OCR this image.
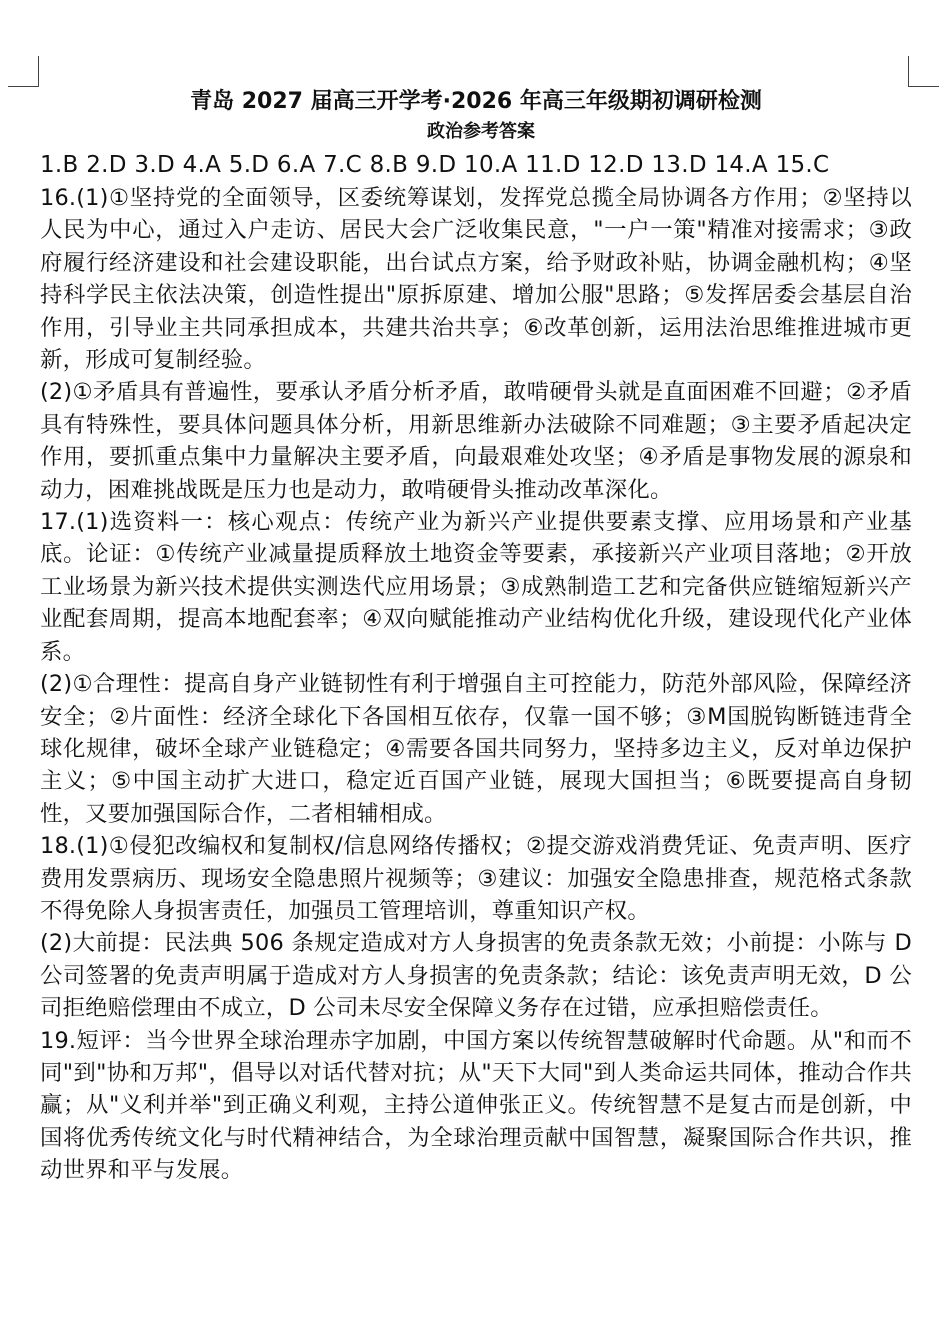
青岛 2027 届高三开学考·2026 年高三年级期初调研检测
政治参考答案
1.B 2.D 3.D 4.A 5.D 6.A 7.C 8.B 9.D 10.A 11.D 12.D 13.D 14.A 15.C

16.(1)①坚持党的全面领导，区委统筹谋划，发挥党总揽全局协调各方作用；②坚持以人民为中心，通过入户走访、居民大会广泛收集民意，"一户一策"精准对接需求；③政府履行经济建设和社会建设职能，出台试点方案，给予财政补贴，协调金融机构；④坚持科学民主依法决策，创造性提出"原拆原建、增加公服"思路；⑤发挥居委会基层自治作用，引导业主共同承担成本，共建共治共享；⑥改革创新，运用法治思维推进城市更新，形成可复制经验。

(2)①矛盾具有普遍性，要承认矛盾分析矛盾，敢啃硬骨头就是直面困难不回避；②矛盾具有特殊性，要具体问题具体分析，用新思维新办法破除不同难题；③主要矛盾起决定作用，要抓重点集中力量解决主要矛盾，向最艰难处攻坚；④矛盾是事物发展的源泉和动力，困难挑战既是压力也是动力，敢啃硬骨头推动改革深化。

17.(1)选资料一：核心观点：传统产业为新兴产业提供要素支撑、应用场景和产业基底。论证：①传统产业减量提质释放土地资金等要素，承接新兴产业项目落地；②开放工业场景为新兴技术提供实测迭代应用场景；③成熟制造工艺和完备供应链缩短新兴产业配套周期，提高本地配套率；④双向赋能推动产业结构优化升级，建设现代化产业体系。

(2)①合理性：提高自身产业链韧性有利于增强自主可控能力，防范外部风险，保障经济安全；②片面性：经济全球化下各国相互依存，仅靠一国不够；③M国脱钩断链违背全球化规律，破坏全球产业链稳定；④需要各国共同努力，坚持多边主义，反对单边保护主义；⑤中国主动扩大进口，稳定近百国产业链，展现大国担当；⑥既要提高自身韧性，又要加强国际合作，二者相辅相成。

18.(1)①侵犯改编权和复制权/信息网络传播权；②提交游戏消费凭证、免责声明、医疗费用发票病历、现场安全隐患照片视频等；③建议：加强安全隐患排查，规范格式条款不得免除人身损害责任，加强员工管理培训，尊重知识产权。

(2)大前提：民法典 506 条规定造成对方人身损害的免责条款无效；小前提：小陈与 D 公司签署的免责声明属于造成对方人身损害的免责条款；结论：该免责声明无效，D 公司拒绝赔偿理由不成立，D 公司未尽安全保障义务存在过错，应承担赔偿责任。

19.短评：当今世界全球治理赤字加剧，中国方案以传统智慧破解时代命题。从"和而不同"到"协和万邦"，倡导以对话代替对抗；从"天下大同"到人类命运共同体，推动合作共赢；从"义利并举"到正确义利观，主持公道伸张正义。传统智慧不是复古而是创新，中国将优秀传统文化与时代精神结合，为全球治理贡献中国智慧，凝聚国际合作共识，推动世界和平与发展。
